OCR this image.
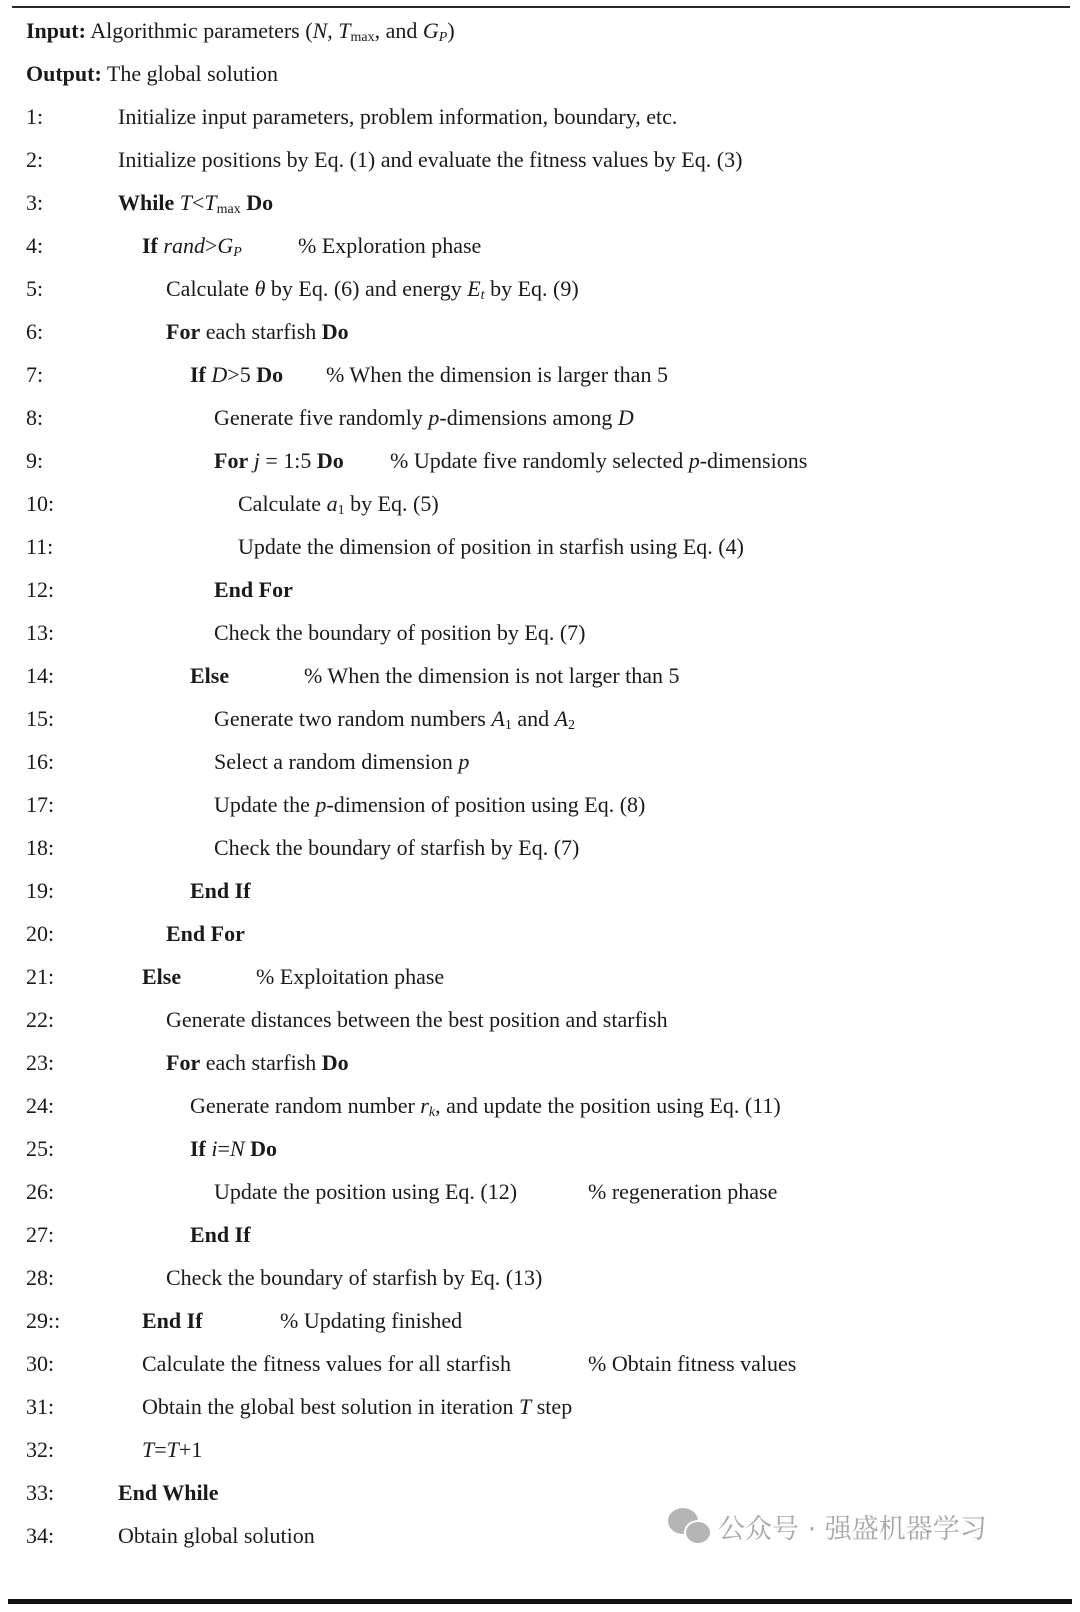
Input: Algorithmic parameters (N, $T_{max}$, and $G_P$)
Output: The global solution
1:	Initialize input parameters, problem information, boundary, etc.
2:	Initialize positions by Eq. (1) and evaluate the fitness values by Eq. (3)
3:	While $T<T_{max}$ Do
4:	If $rand>G_P$	% Exploration phase
5:	Calculate θ by Eq. (6) and energy $E_t$ by Eq. (9)
6:	For each starfish Do
7:	If D>5 Do % When the dimension is larger than 5
8:	Generate five randomly p-dimensions among D
9:	For j = 1:5 Do % Update five randomly selected p-dimensions
10:	Calculate $a_1$ by Eq. (5)
11:	Update the dimension of position in starfish using Eq. (4)
12:	End For
13:	Check the boundary of position by Eq. (7)
14:	Else	% When the dimension is not larger than 5
15:	Generate two random numbers $A_1$ and $A_2$
16:	Select a random dimension p
17:	Update the p-dimension of position using Eq. (8)
18:	Check the boundary of starfish by Eq. (7)
19:	End If
20:	End For
21:	Else	% Exploitation phase
22:	Generate distances between the best position and starfish
23:	For each starfish Do
24:	Generate random number $r_k$, and update the position using Eq. (11)
25:	If i=N Do
26:	Update the position using Eq. (12)	% regeneration phase
27:	End If
28:	Check the boundary of starfish by Eq. (13)
29::	End If	% Updating finished
30:	Calculate the fitness values for all starfish	% Obtain fitness values
31:	Obtain the global best solution in iteration T step
32:	T=T+1
33:	End While
34:	Obtain global solution	公众号 · 强盛机器学习
